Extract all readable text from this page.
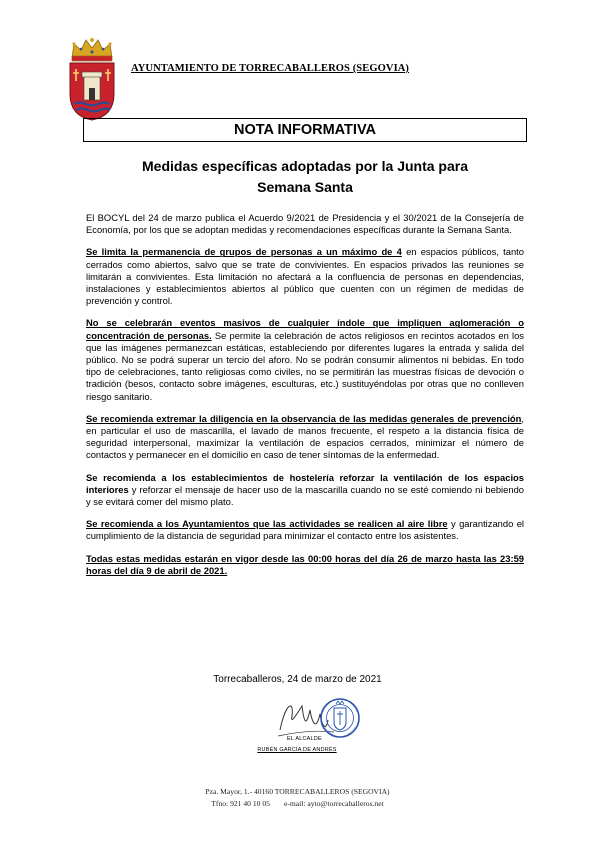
AYUNTAMIENTO DE TORRECABALLEROS (SEGOVIA)
NOTA INFORMATIVA
Medidas específicas adoptadas por la Junta para
Semana Santa

El BOCYL del 24 de marzo publica el Acuerdo 9/2021 de Presidencia y el 30/2021 de la Consejería de Economía, por los que se adoptan medidas y recomendaciones específicas durante la Semana Santa.

Se limita la permanencia de grupos de personas a un máximo de 4 en espacios públicos, tanto cerrados como abiertos, salvo que se trate de convivientes. En espacios privados las reuniones se limitarán a convivientes. Esta limitación no afectará a la confluencia de personas en dependencias, instalaciones y establecimientos abiertos al público que cuenten con un régimen de medidas de prevención y control.

No se celebrarán eventos masivos de cualquier índole que impliquen aglomeración o concentración de personas. Se permite la celebración de actos religiosos en recintos acotados en los que las imágenes permanezcan estáticas, estableciendo por diferentes lugares la entrada y salida del público. No se podrá superar un tercio del aforo. No se podrán consumir alimentos ni bebidas. En todo tipo de celebraciones, tanto religiosas como civiles, no se permitirán las muestras físicas de devoción o tradición (besos, contacto sobre imágenes, esculturas, etc.) sustituyéndolas por otras que no conlleven riesgo sanitario.

Se recomienda extremar la diligencia en la observancia de las medidas generales de prevención, en particular el uso de mascarilla, el lavado de manos frecuente, el respeto a la distancia física de seguridad interpersonal, maximizar la ventilación de espacios cerrados, minimizar el número de contactos y permanecer en el domicilio en caso de tener síntomas de la enfermedad.

Se recomienda a los establecimientos de hostelería reforzar la ventilación de los espacios interiores y reforzar el mensaje de hacer uso de la mascarilla cuando no se esté comiendo ni bebiendo y se evitará comer del mismo plato.

Se recomienda a los Ayuntamientos que las actividades se realicen al aire libre y garantizando el cumplimiento de la distancia de seguridad para minimizar el contacto entre los asistentes.

Todas estas medidas estarán en vigor desde las 00:00 horas del día 26 de marzo hasta las 23:59 horas del día 9 de abril de 2021.

Torrecaballeros, 24 de marzo de 2021
EL ALCALDE
RUBÉN GARCÍA DE ANDRÉS
Pza. Mayor, 1.- 40160 TORRECABALLEROS (SEGOVIA)
Tfno: 921 40 10 05 e-mail: ayto@torrecaballeros.net
